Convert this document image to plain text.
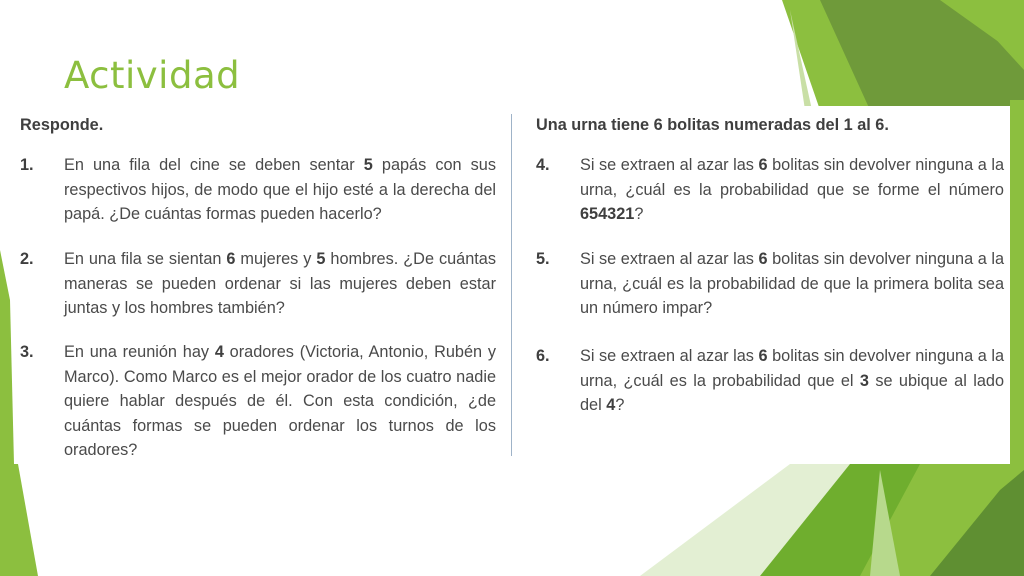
Actividad
Responde.
1. En una fila del cine se deben sentar 5 papás con sus respectivos hijos, de modo que el hijo esté a la derecha del papá. ¿De cuántas formas pueden hacerlo?
2. En una fila se sientan 6 mujeres y 5 hombres. ¿De cuántas maneras se pueden ordenar si las mujeres deben estar juntas y los hombres también?
3. En una reunión hay 4 oradores (Victoria, Antonio, Rubén y Marco). Como Marco es el mejor orador de los cuatro nadie quiere hablar después de él. Con esta condición, ¿de cuántas formas se pueden ordenar los turnos de los oradores?
Una urna tiene 6 bolitas numeradas del 1 al 6.
4. Si se extraen al azar las 6 bolitas sin devolver ninguna a la urna, ¿cuál es la probabilidad que se forme el número 654321?
5. Si se extraen al azar las 6 bolitas sin devolver ninguna a la urna, ¿cuál es la probabilidad de que la primera bolita sea un número impar?
6. Si se extraen al azar las 6 bolitas sin devolver ninguna a la urna, ¿cuál es la probabilidad que el 3 se ubique al lado del 4?
